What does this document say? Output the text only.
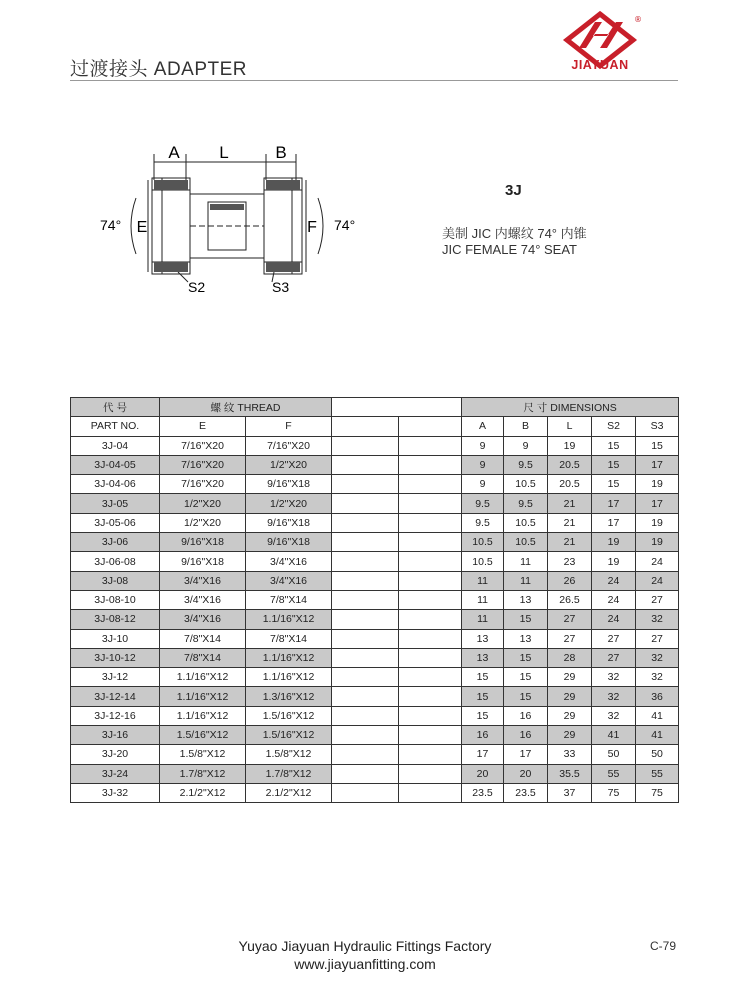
过渡接头 ADAPTER
®
JIAYUAN
A L	B
E	F
74°	74°
S2	S3
3J
美制 JIC 内螺纹 74° 内锥
JIC FEMALE 74° SEAT
代 号	螺 纹 THREAD				尺 寸 DIMENSIONS				
PART NO.	E	F			A	B	L	S2	S3
3J-04	7/16"X20	7/16"X20			9	9	19	15	15
3J-04-05	7/16"X20	1/2"X20			9	9.5	20.5	15	17
3J-04-06	7/16"X20	9/16"X18			9	10.5	20.5	15	19
3J-05	1/2"X20	1/2"X20			9.5	9.5	21	17	17
3J-05-06	1/2"X20	9/16"X18			9.5	10.5	21	17	19
3J-06	9/16"X18	9/16"X18			10.5	10.5	21	19	19
3J-06-08	9/16"X18	3/4"X16			10.5	11	23	19	24
3J-08	3/4"X16	3/4"X16			11	11	26	24	24
3J-08-10	3/4"X16	7/8"X14			11	13	26.5	24	27
3J-08-12	3/4"X16	1.1/16"X12			11	15	27	24	32
3J-10	7/8"X14	7/8"X14			13	13	27	27	27
3J-10-12	7/8"X14	1.1/16"X12			13	15	28	27	32
3J-12	1.1/16"X12	1.1/16"X12			15	15	29	32	32
3J-12-14	1.1/16"X12	1.3/16"X12			15	15	29	32	36
3J-12-16	1.1/16"X12	1.5/16"X12			15	16	29	32	41
3J-16	1.5/16"X12	1.5/16"X12			16	16	29	41	41
3J-20	1.5/8"X12	1.5/8"X12			17	17	33	50	50
3J-24	1.7/8"X12	1.7/8"X12			20	20	35.5	55	55
3J-32	2.1/2"X12	2.1/2"X12			23.5	23.5	37	75	75
Yuyao Jiayuan Hydraulic Fittings Factory
www.jiayuanfitting.com
C-79
